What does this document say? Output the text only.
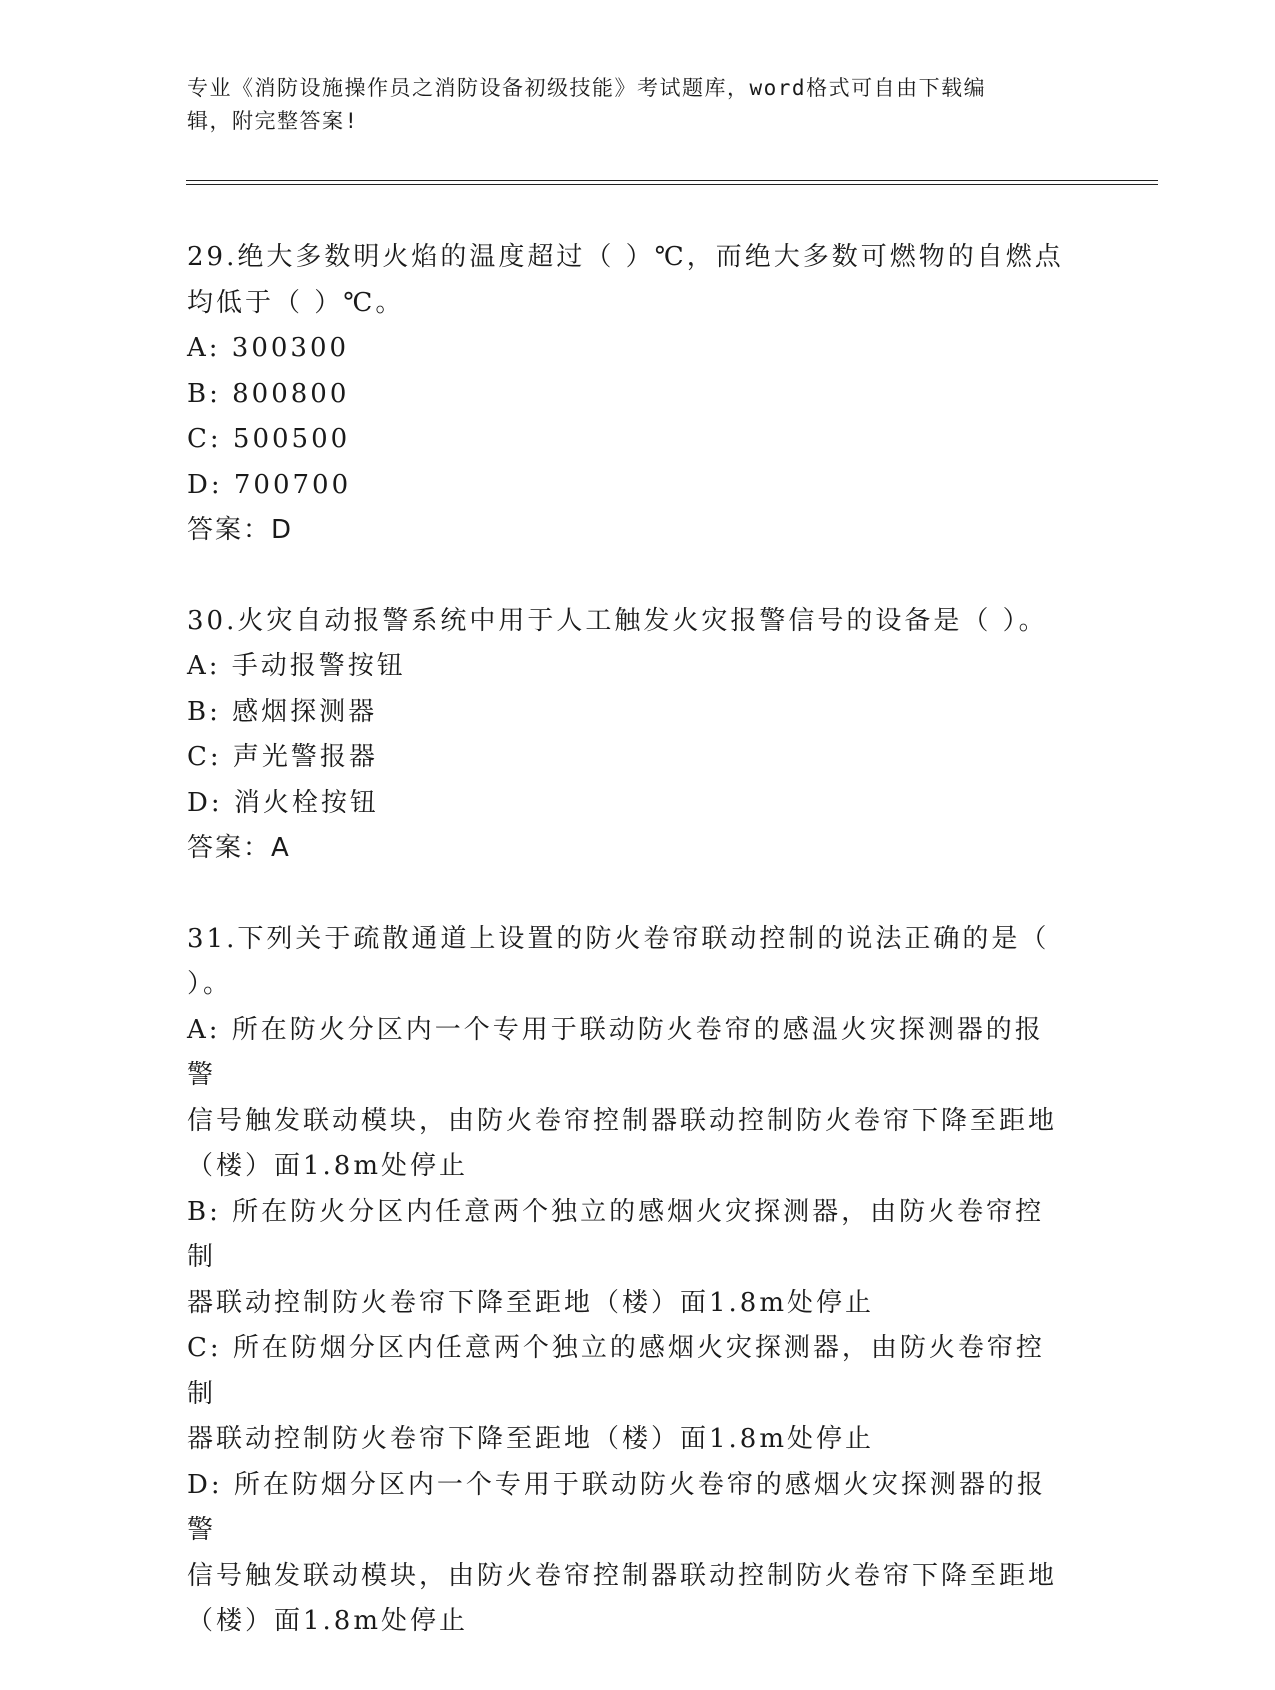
专业《消防设施操作员之消防设备初级技能》考试题库，word格式可自由下载编
辑，附完整答案!
29.绝大多数明火焰的温度超过（ ）℃，而绝大多数可燃物的自燃点
均低于（ ）℃。
A: 300300
B: 800800
C: 500500
D: 700700
答案：D
30.火灾自动报警系统中用于人工触发火灾报警信号的设备是（ ）。
A: 手动报警按钮
B: 感烟探测器
C: 声光警报器
D: 消火栓按钮
答案：A
31.下列关于疏散通道上设置的防火卷帘联动控制的说法正确的是（
）。
A: 所在防火分区内一个专用于联动防火卷帘的感温火灾探测器的报警
信号触发联动模块，由防火卷帘控制器联动控制防火卷帘下降至距地
（楼）面1.8m处停止
B: 所在防火分区内任意两个独立的感烟火灾探测器，由防火卷帘控制
器联动控制防火卷帘下降至距地（楼）面1.8m处停止
C: 所在防烟分区内任意两个独立的感烟火灾探测器，由防火卷帘控制
器联动控制防火卷帘下降至距地（楼）面1.8m处停止
D: 所在防烟分区内一个专用于联动防火卷帘的感烟火灾探测器的报警
信号触发联动模块，由防火卷帘控制器联动控制防火卷帘下降至距地
（楼）面1.8m处停止
